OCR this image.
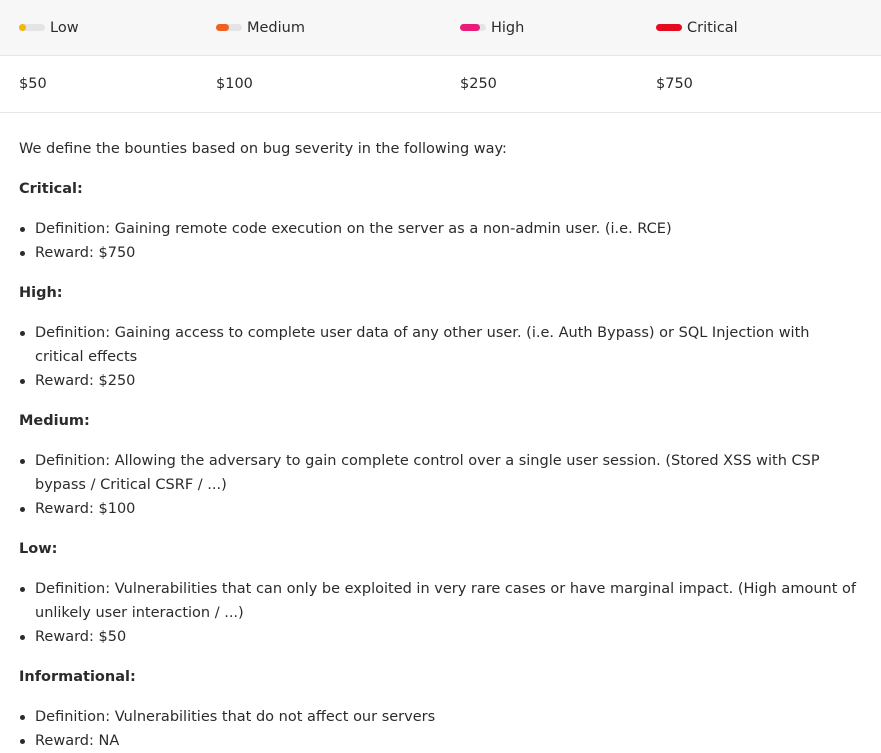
Low	Medium	High	Critical
$50	$100	$250	$750

We define the bounties based on bug severity in the following way:

Critical:

Definition: Gaining remote code execution on the server as a non-admin user. (i.e. RCE)
Reward: $750

High:

Definition: Gaining access to complete user data of any other user. (i.e. Auth Bypass) or SQL Injection with critical effects
Reward: $250

Medium:

Definition: Allowing the adversary to gain complete control over a single user session. (Stored XSS with CSP bypass / Critical CSRF / ...)
Reward: $100

Low:

Definition: Vulnerabilities that can only be exploited in very rare cases or have marginal impact. (High amount of unlikely user interaction / ...)
Reward: $50

Informational:

Definition: Vulnerabilities that do not affect our servers
Reward: NA
